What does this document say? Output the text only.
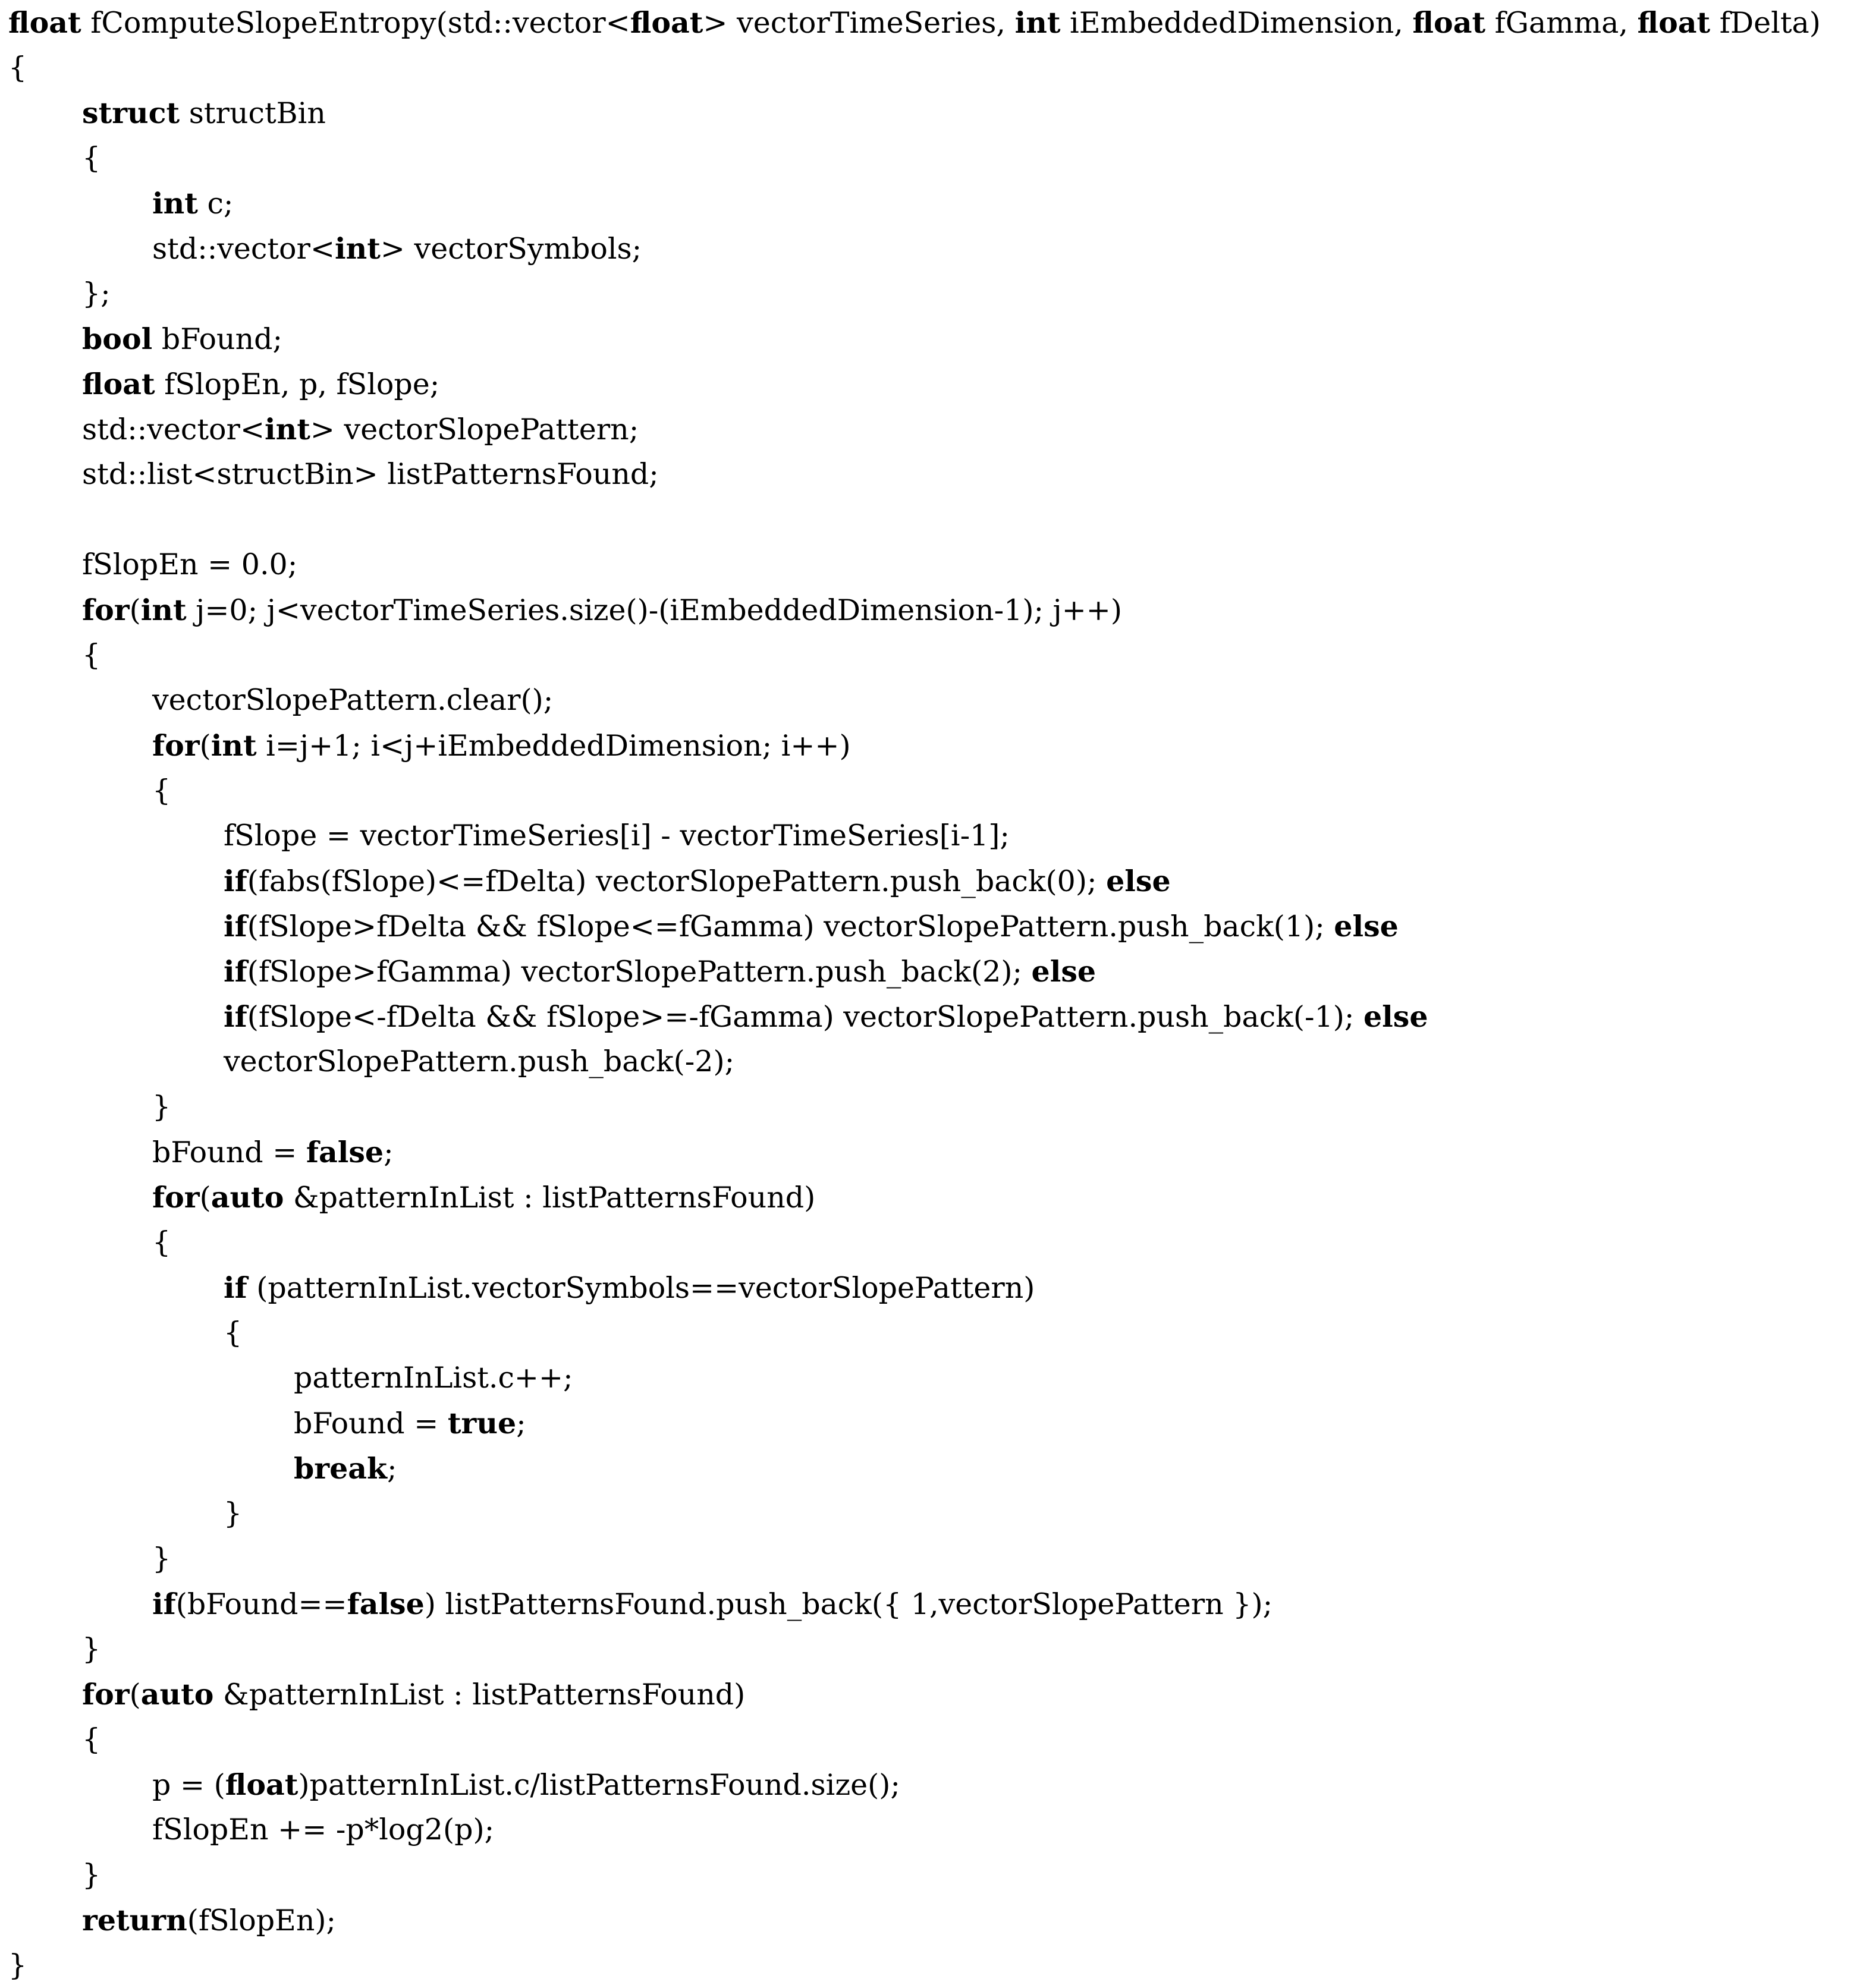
float fComputeSlopeEntropy(std::vector<float> vectorTimeSeries, int iEmbeddedDimension, float fGamma, float fDelta)
{
struct structBin
{
int c;
std::vector<int> vectorSymbols;
};
bool bFound;
float fSlopEn, p, fSlope;
std::vector<int> vectorSlopePattern;
std::list<structBin> listPatternsFound;
fSlopEn = 0.0;
for(int j=0; j<vectorTimeSeries.size()-(iEmbeddedDimension-1); j++)
{
vectorSlopePattern.clear();
for(int i=j+1; i<j+iEmbeddedDimension; i++)
{
fSlope = vectorTimeSeries[i] - vectorTimeSeries[i-1];
if(fabs(fSlope)<=fDelta) vectorSlopePattern.push_back(0); else
if(fSlope>fDelta && fSlope<=fGamma) vectorSlopePattern.push_back(1); else
if(fSlope>fGamma) vectorSlopePattern.push_back(2); else
if(fSlope<-fDelta && fSlope>=-fGamma) vectorSlopePattern.push_back(-1); else
vectorSlopePattern.push_back(-2);
}
bFound = false;
for(auto &patternInList : listPatternsFound)
{
if (patternInList.vectorSymbols==vectorSlopePattern)
{
patternInList.c++;
bFound = true;
break;
}
}
if(bFound==false) listPatternsFound.push_back({ 1,vectorSlopePattern });
}
for(auto &patternInList : listPatternsFound)
{
p = (float)patternInList.c/listPatternsFound.size();
fSlopEn += -p*log2(p);
}
return(fSlopEn);
}
